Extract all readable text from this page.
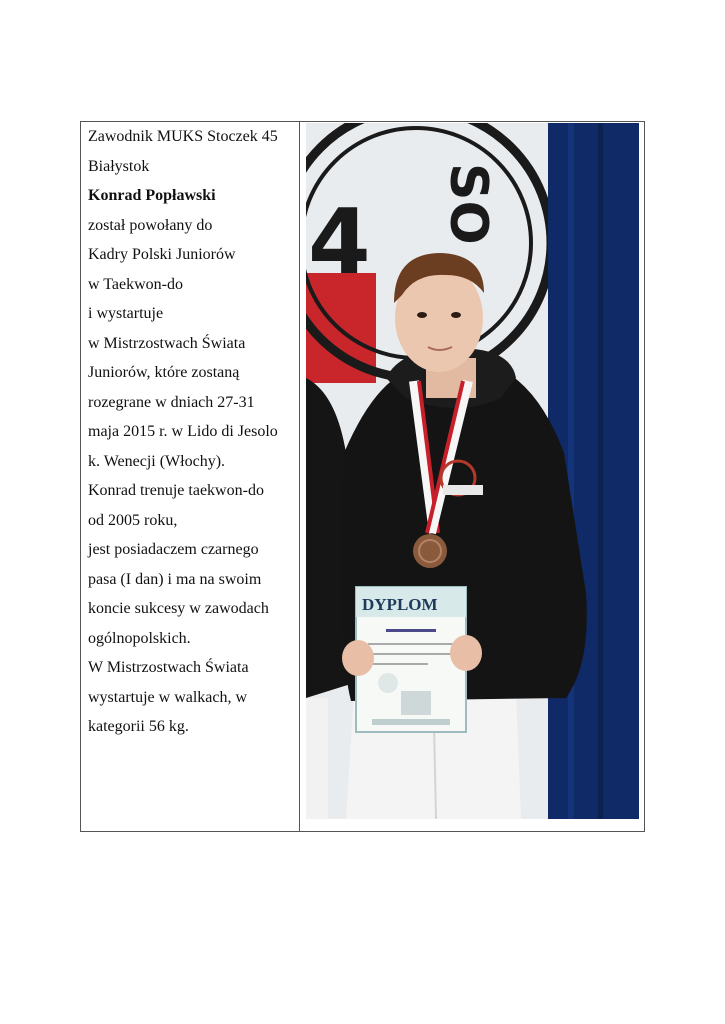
Zawodnik MUKS Stoczek 45
Białystok
Konrad Popławski
został powołany do
Kadry Polski Juniorów
w Taekwon-do
i wystartuje
w Mistrzostwach Świata
Juniorów, które zostaną
rozegrane w dniach 27-31
maja 2015 r. w Lido di Jesolo
k. Wenecji (Włochy).
Konrad trenuje taekwon-do
od 2005 roku,
jest posiadaczem czarnego
pasa (I dan) i ma na swoim
koncie sukcesy w zawodach
ogólnopolskich.
W Mistrzostwach Świata
wystartuje w walkach, w
kategorii 56 kg.

4 SO
DYPLOM
